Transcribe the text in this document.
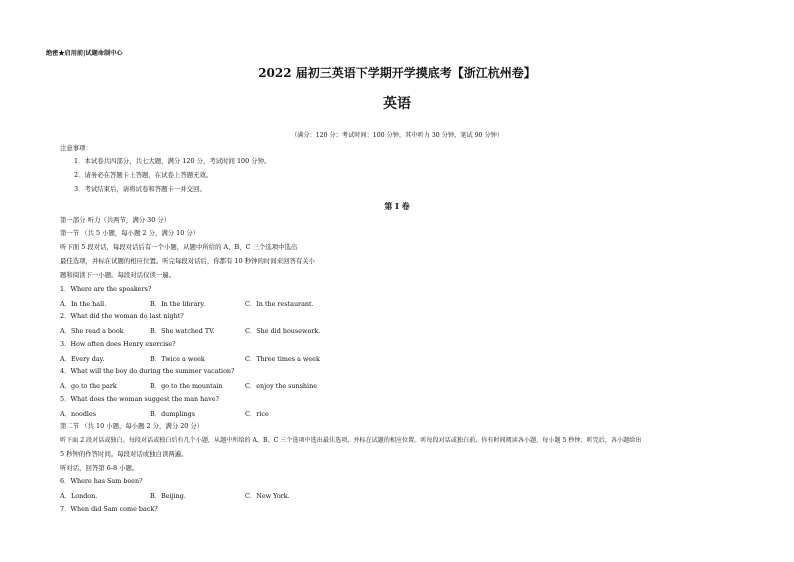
绝密★启用前|试题命制中心
2022 届初三英语下学期开学摸底考【浙江杭州卷】
英语
（满分：120 分；考试时间：100 分钟，其中听力 30 分钟，笔试 90 分钟）
注意事项：
1．本试卷共四部分，共七大题，满分 120 分，考试时间 100 分钟。
2．请务必在答题卡上答题，在试卷上答题无效。
3．考试结束后，请将试卷和答题卡一并交回。
第 I 卷
第一部分 听力（共两节，满分 30 分）
第一节 （共 5 小题，每小题 2 分，满分 10 分）
听下面 5 段对话，每段对话后有一个小题，从题中所给的 A、B、C 三个选项中选出
最佳选项，并标在试题的相应位置。听完每段对话后，你都有 10 秒钟的时间来回答有关小
题和阅读下一小题。每段对话仅读一遍。
1．Where are the speakers?
A．In the hall.	B．In the library.	C．In the restaurant.
2．What did the woman do last night?
A．She read a book	B．She watched TV.	C．She did housework.
3．How often does Henry exercise?
A．Every day.	B．Twice a week	C．Three times a week
4．What will the boy do during the summer vacation?
A．go to the park	B．go to the mountain	C．enjoy the sunshine
5．What does the woman suggest the man have?
A．noodles	B．dumplings	C．rice
第二节 （共 10 小题，每小题 2 分，满分 20 分）
听下面 2 段对话或独白。每段对话或独白后有几个小题，从题中所给的 A、B、C 三个选项中选出最佳选项，并标在试题的相应位置。听每段对话或独白前，你有时间阅读各小题，每小题 5 秒钟；听完后，各小题给出
5 秒钟的作答时间。每段对话或独白读两遍。
听对话，回答第 6-8 小题。
6．Where has Sam been?
A．London.	B．Beijing.	C．New York.
7．When did Sam come back?
